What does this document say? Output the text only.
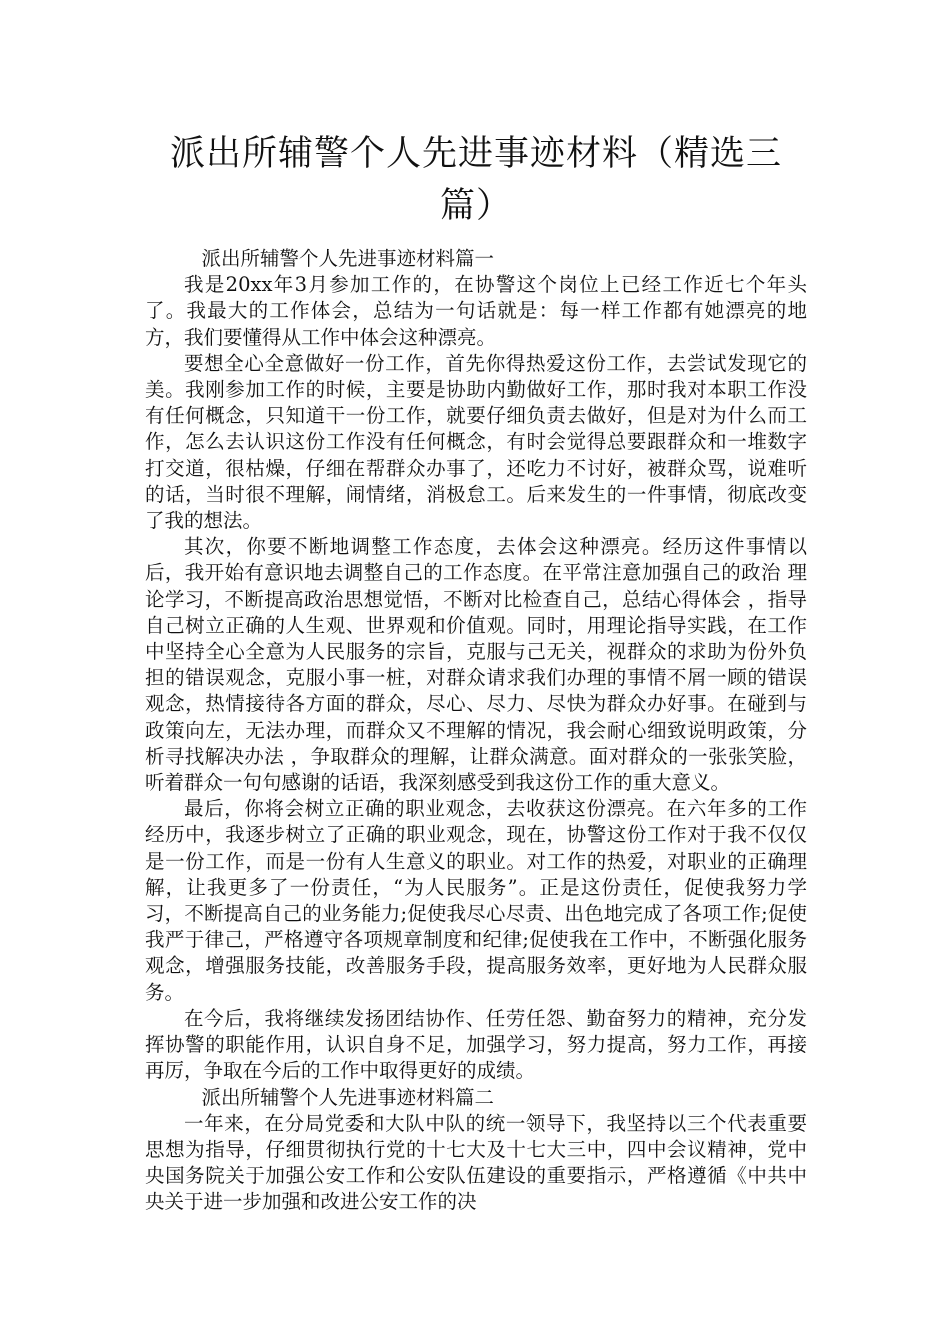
派出所辅警个人先进事迹材料（精选三篇）

派出所辅警个人先进事迹材料篇一

我是20xx年3月参加工作的，在协警这个岗位上已经工作近七个年头了。我最大的工作体会，总结为一句话就是：每一样工作都有她漂亮的地方，我们要懂得从工作中体会这种漂亮。

要想全心全意做好一份工作，首先你得热爱这份工作，去尝试发现它的美。我刚参加工作的时候，主要是协助内勤做好工作，那时我对本职工作没有任何概念，只知道干一份工作，就要仔细负责去做好，但是对为什么而工作，怎么去认识这份工作没有任何概念，有时会觉得总要跟群众和一堆数字打交道，很枯燥，仔细在帮群众办事了，还吃力不讨好，被群众骂，说难听的话，当时很不理解，闹情绪，消极怠工。后来发生的一件事情，彻底改变了我的想法。

其次，你要不断地调整工作态度，去体会这种漂亮。经历这件事情以后，我开始有意识地去调整自己的工作态度。在平常注意加强自己的政治 理论学习，不断提高政治思想觉悟，不断对比检查自己，总结心得体会 ，指导自己树立正确的人生观、世界观和价值观。同时，用理论指导实践，在工作中坚持全心全意为人民服务的宗旨，克服与己无关，视群众的求助为份外负担的错误观念，克服小事一桩，对群众请求我们办理的事情不屑一顾的错误观念，热情接待各方面的群众，尽心、尽力、尽快为群众办好事。在碰到与政策向左，无法办理，而群众又不理解的情况，我会耐心细致说明政策，分析寻找解决办法 ，争取群众的理解，让群众满意。面对群众的一张张笑脸，听着群众一句句感谢的话语，我深刻感受到我这份工作的重大意义。

最后，你将会树立正确的职业观念，去收获这份漂亮。在六年多的工作经历中，我逐步树立了正确的职业观念，现在，协警这份工作对于我不仅仅是一份工作，而是一份有人生意义的职业。对工作的热爱，对职业的正确理解，让我更多了一份责任，“为人民服务”。正是这份责任，促使我努力学习，不断提高自己的业务能力;促使我尽心尽责、出色地完成了各项工作;促使我严于律己，严格遵守各项规章制度和纪律;促使我在工作中，不断强化服务观念，增强服务技能，改善服务手段，提高服务效率，更好地为人民群众服务。

在今后，我将继续发扬团结协作、任劳任怨、勤奋努力的精神，充分发挥协警的职能作用，认识自身不足，加强学习，努力提高，努力工作，再接再厉，争取在今后的工作中取得更好的成绩。

派出所辅警个人先进事迹材料篇二

一年来，在分局党委和大队中队的统一领导下，我坚持以三个代表重要思想为指导，仔细贯彻执行党的十七大及十七大三中，四中会议精神，党中央国务院关于加强公安工作和公安队伍建设的重要指示，严格遵循《中共中央关于进一步加强和改进公安工作的决
